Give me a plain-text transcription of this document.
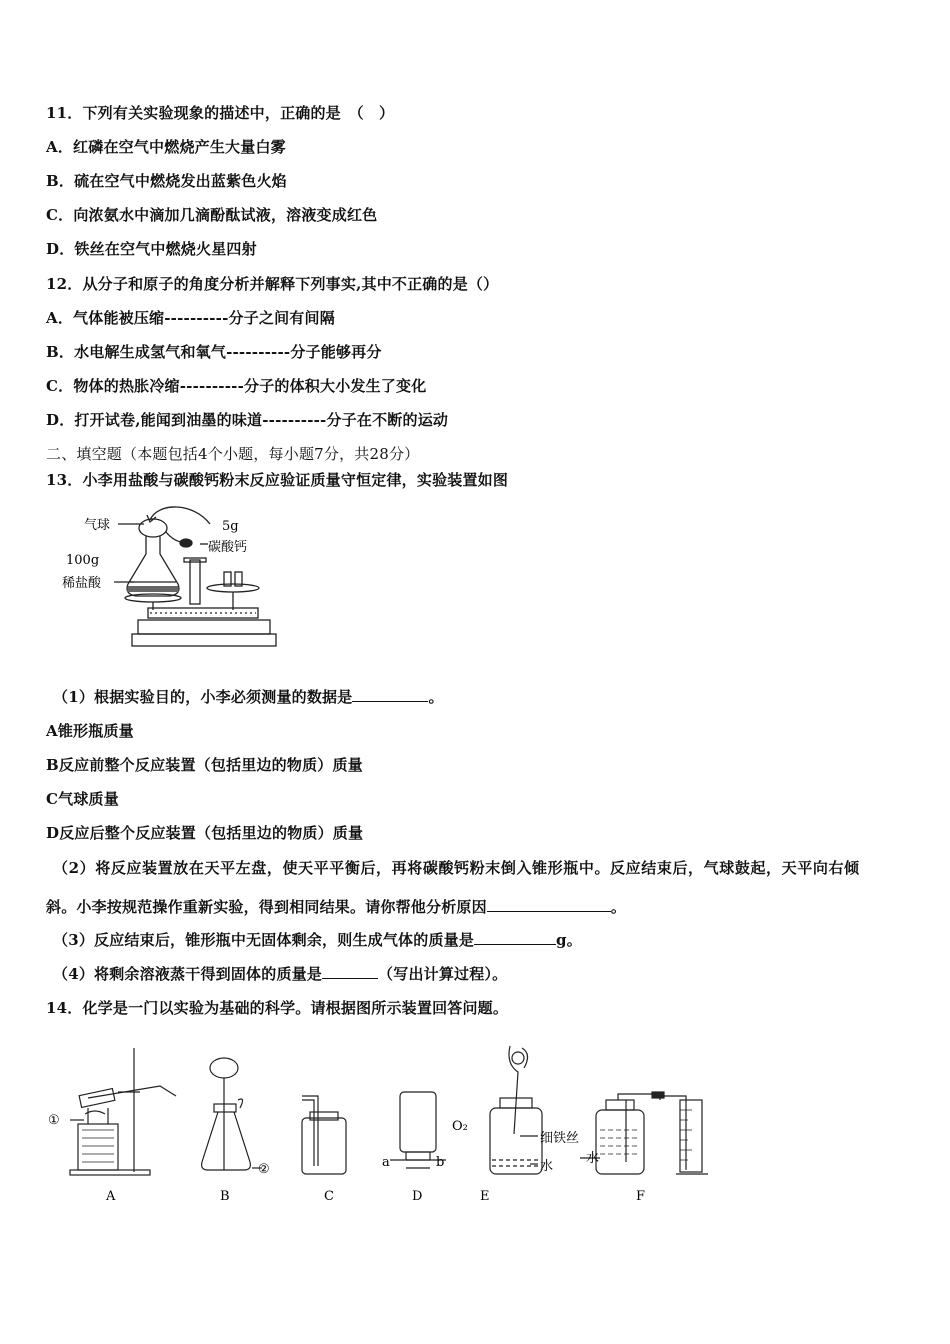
11．下列有关实验现象的描述中，正确的是　（　）
A．红磷在空气中燃烧产生大量白雾
B．硫在空气中燃烧发出蓝紫色火焰
C．向浓氨水中滴加几滴酚酞试液，溶液变成红色
D．铁丝在空气中燃烧火星四射
12．从分子和原子的角度分析并解释下列事实,其中不正确的是（）
A．气体能被压缩----------分子之间有间隔
B．水电解生成氢气和氧气----------分子能够再分
C．物体的热胀冷缩----------分子的体积大小发生了变化
D．打开试卷,能闻到油墨的味道----------分子在不断的运动
二、填空题（本题包括4个小题，每小题7分，共28分）
13．小李用盐酸与碳酸钙粉末反应验证质量守恒定律，实验装置如图
气球	5g
碳酸钙
100g
稀盐酸
（1）根据实验目的，小李必须测量的数据是	。
A锥形瓶质量
B反应前整个反应装置（包括里边的物质）质量
C气球质量
D反应后整个反应装置（包括里边的物质）质量
（2）将反应装置放在天平左盘，使天平平衡后，再将碳酸钙粉末倒入锥形瓶中。反应结束后，气球鼓起，天平向右倾
斜。小李按规范操作重新实验，得到相同结果。请你帮他分析原因	。
（3）反应结束后，锥形瓶中无固体剩余，则生成气体的质量是	g。
（4）将剩余溶液蒸干得到固体的质量是	（写出计算过程）。
14．化学是一门以实验为基础的科学。请根据图所示装置回答问题。
①
②	a	b
O₂
细铁丝
水
水
A	B	C	D	E	F
